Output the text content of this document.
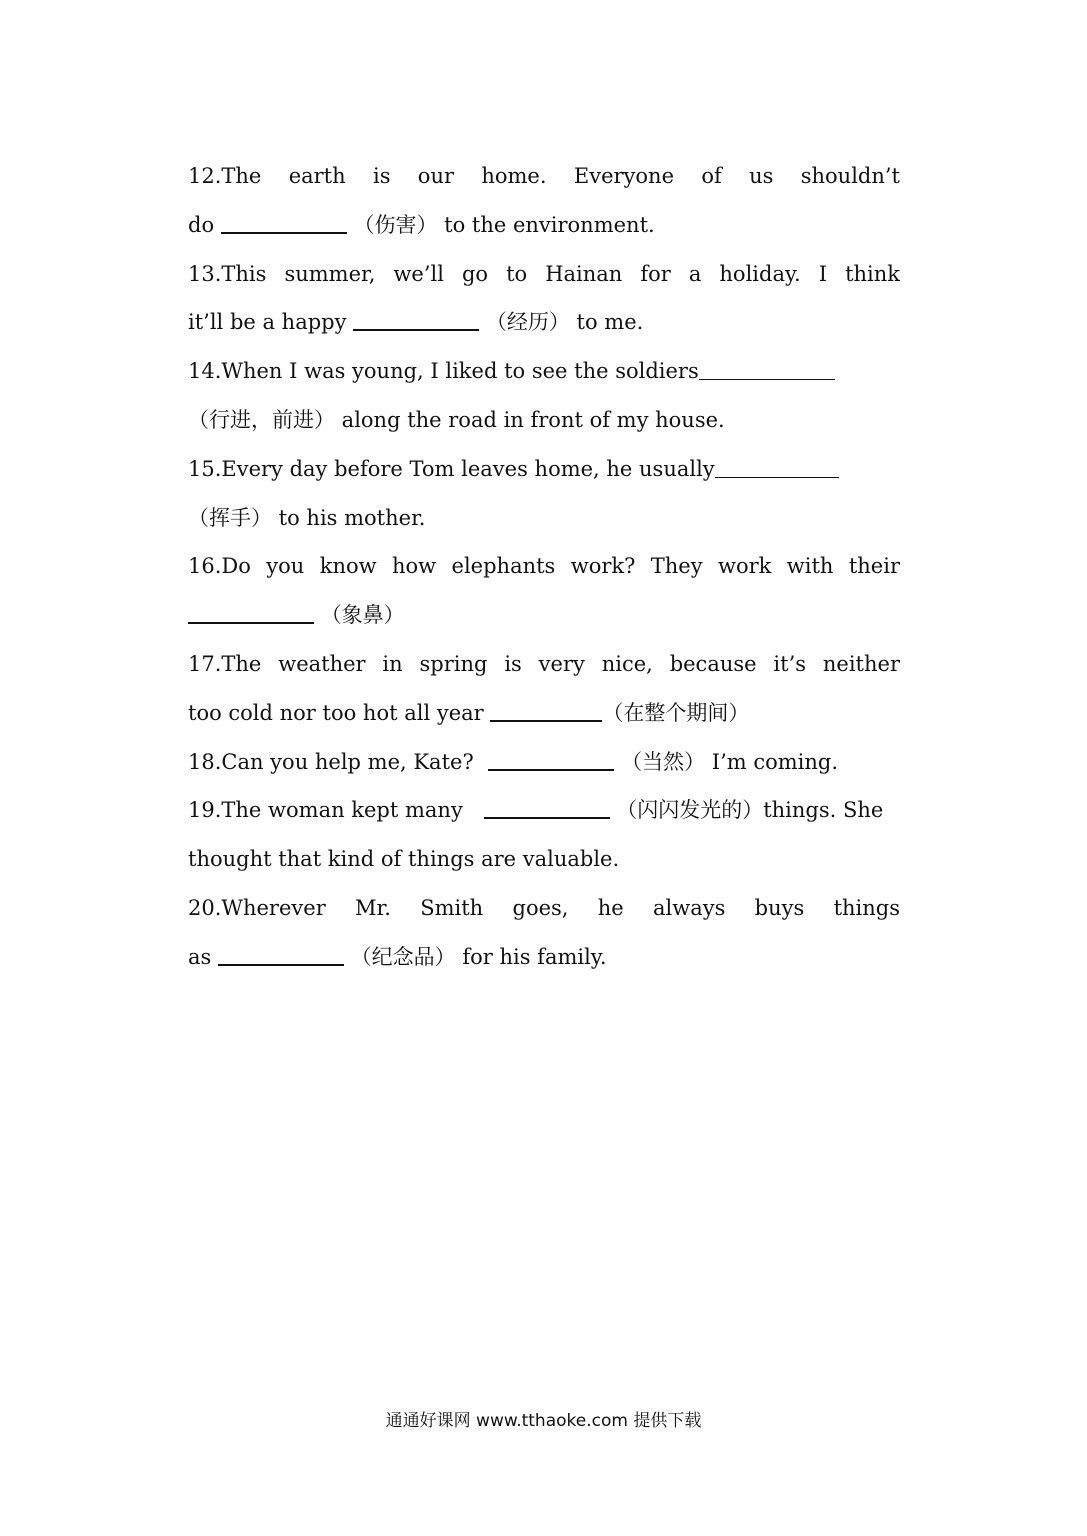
12.The earth is our home. Everyone of us shouldn’t
do	（伤害） to the environment.
13.This summer, we’ll go to Hainan for a holiday. I think
it’ll be a happy	（经历） to me.
14.When I was young, I liked to see the soldiers
（行进，前进） along the road in front of my house.
15.Every day before Tom leaves home, he usually
（挥手） to his mother.
16.Do you know how elephants work? They work with their
（象鼻）
17.The weather in spring is very nice, because it’s neither
too cold nor too hot all year	（在整个期间）
18.Can you help me, Kate?	（当然） I’m coming.
19.The woman kept many	（闪闪发光的）things. She
thought that kind of things are valuable.
20.Wherever Mr. Smith goes, he always buys things
as	（纪念品） for his family.
通通好课网 www.tthaoke.com 提供下载
